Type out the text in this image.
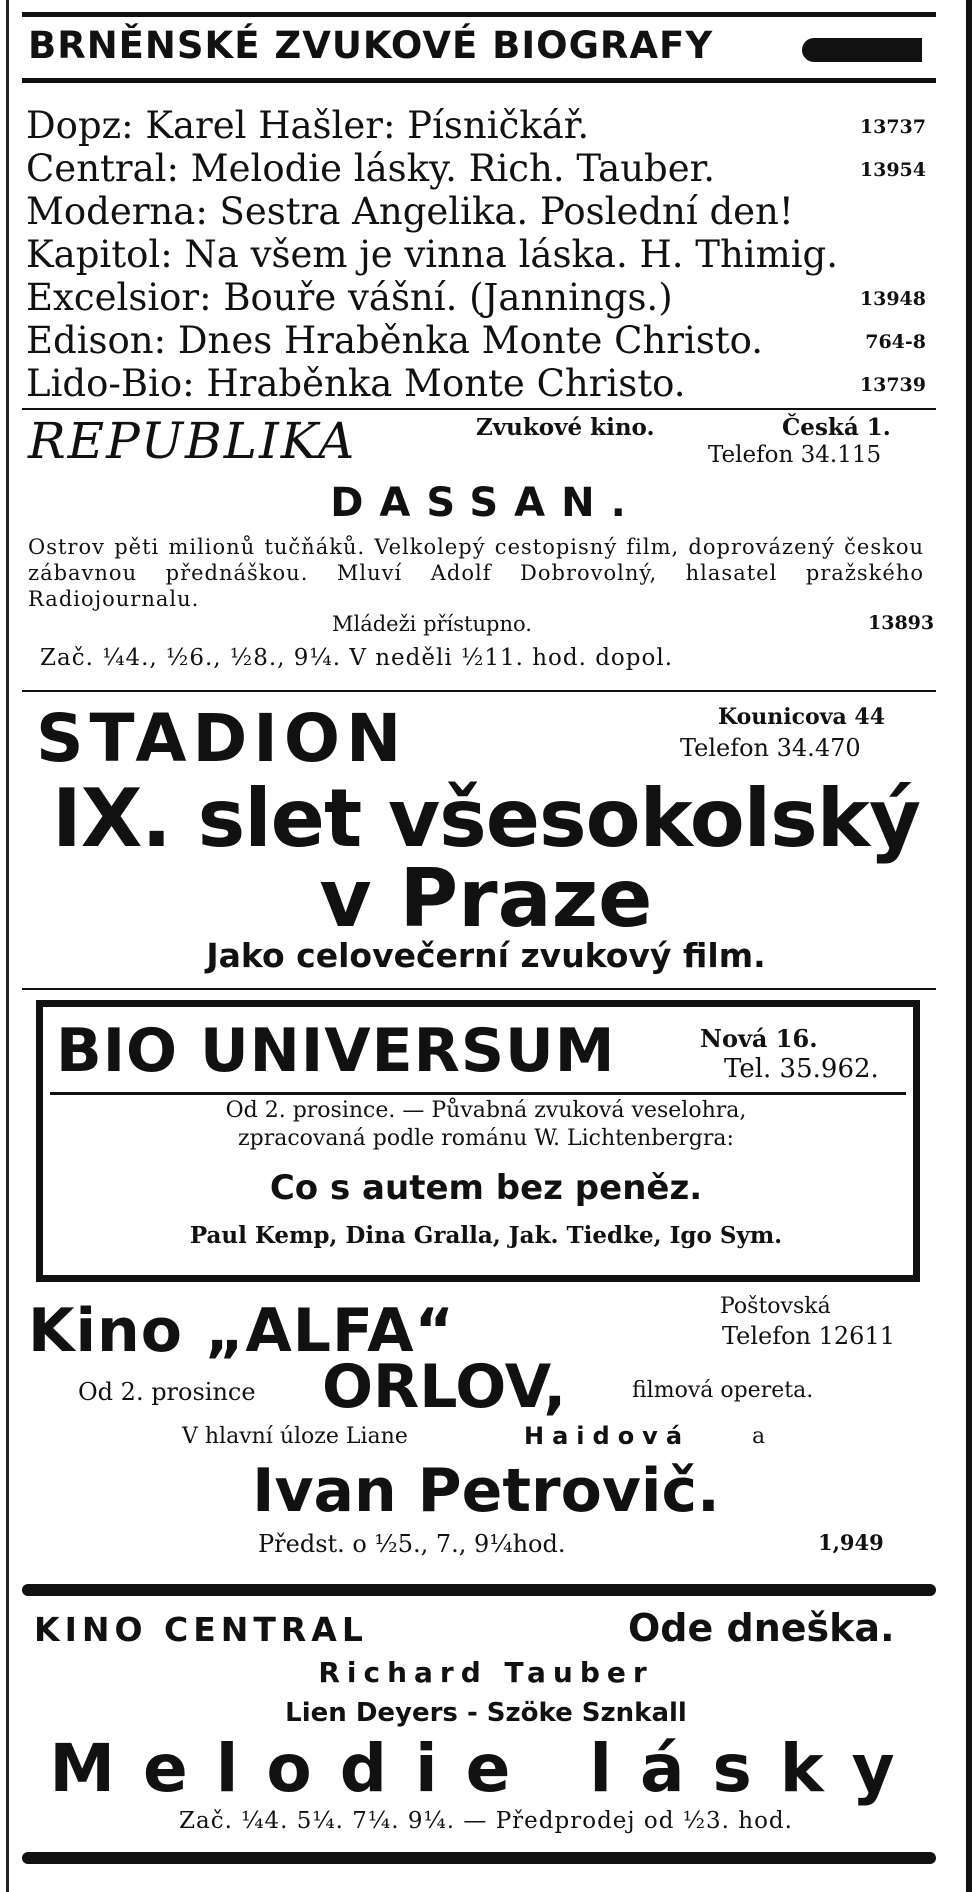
BRNĚNSKÉ ZVUKOVÉ BIOGRAFY
Dopz: Karel Hašler: Písničkář.	13737
Central: Melodie lásky. Rich. Tauber.	13954
Moderna: Sestra Angelika. Poslední den!
Kapitol: Na všem je vinna láska. H. Thimig.
Excelsior: Bouře vášní. (Jannings.)	13948
Edison: Dnes Hraběnka Monte Christo.	764-8
Lido-Bio: Hraběnka Monte Christo.	13739
REPUBLIKA	Zvukové kino.	Česká 1.
Telefon 34.115
DASSAN.
Ostrov pěti milionů tučňáků. Velkolepý cestopisný film, doprovázený českou zábavnou přednáškou. Mluví Adolf Dobrovolný, hlasatel pražského Radiojournalu.
Mládeži přístupno.	13893
Zač. ¼4., ½6., ½8., 9¼. V neděli ½11. hod. dopol.
STADION	Kounicova 44
Telefon 34.470
IX. slet všesokolský
v Praze
Jako celovečerní zvukový film.
BIO UNIVERSUM	Nová 16.
Tel. 35.962.
Od 2. prosince. — Půvabná zvuková veselohra,
zpracovaná podle románu W. Lichtenbergra:
Co s autem bez peněz.
Paul Kemp, Dina Gralla, Jak. Tiedke, Igo Sym.
Kino „ALFA“	Poštovská
Telefon 12611
Od 2. prosince ORLOV,	filmová opereta.
V hlavní úloze Liane	Haidová	a
Ivan Petrovič.
Předst. o ½5., 7., 9¼hod.	1,949
KINO CENTRAL	Ode dneška.
Richard Tauber
Lien Deyers - Szöke Sznkall
Melodie lásky
Zač. ¼4. 5¼. 7¼. 9¼. — Předprodej od ½3. hod.
